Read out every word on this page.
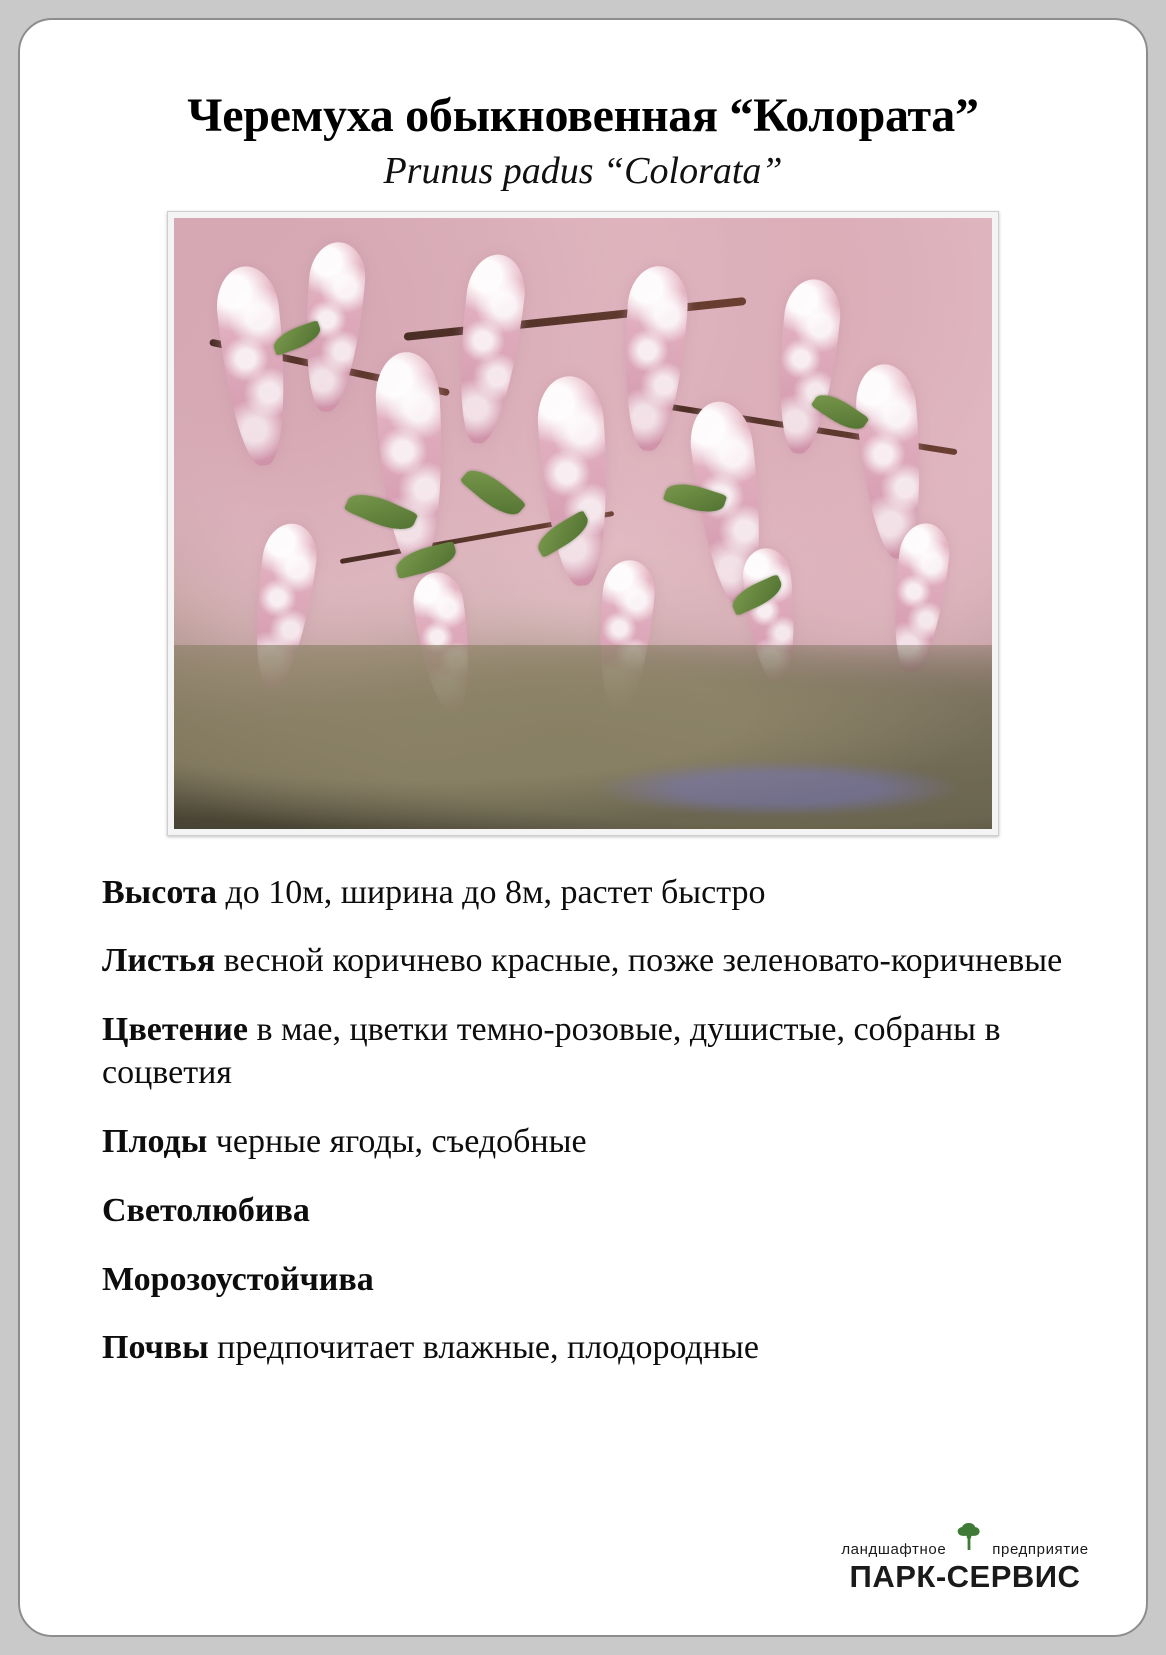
Черемуха обыкновенная “Колората”
Prunus padus “Colorata”

Высота до 10м, ширина до 8м, растет быстро

Листья весной коричнево красные, позже зеленовато-коричневые

Цветение в мае, цветки темно-розовые, душистые, собраны в соцветия

Плоды черные ягоды, съедобные

Светолюбива

Морозоустойчива

Почвы предпочитает влажные, плодородные

ландшафтное	предприятие
ПАРК-СЕРВИС
